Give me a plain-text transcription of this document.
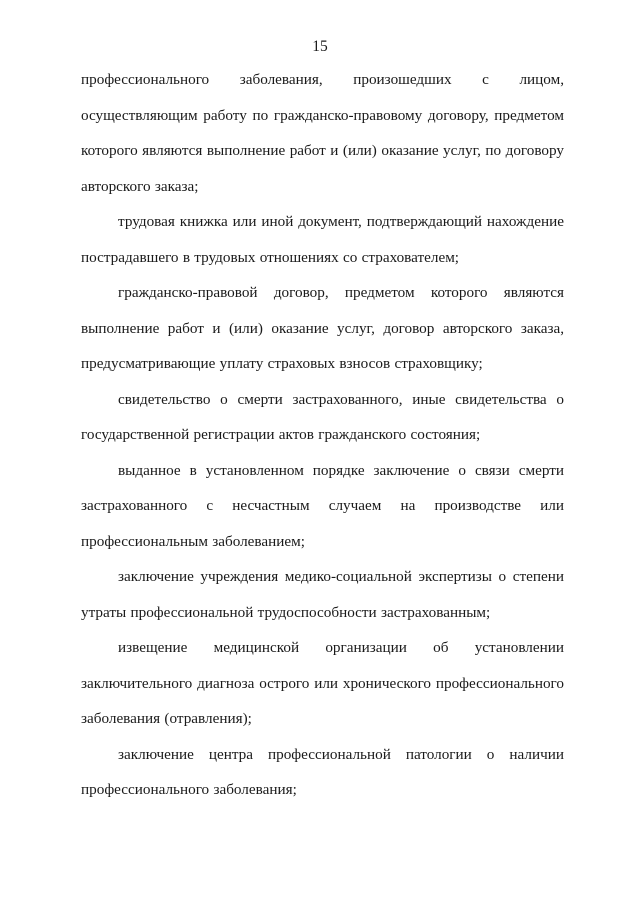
15

профессионального заболевания, произошедших с лицом, осуществляющим работу по гражданско-правовому договору, предметом которого являются выполнение работ и (или) оказание услуг, по договору авторского заказа;

трудовая книжка или иной документ, подтверждающий нахождение пострадавшего в трудовых отношениях со страхователем;

гражданско-правовой договор, предметом которого являются выполнение работ и (или) оказание услуг, договор авторского заказа, предусматривающие уплату страховых взносов страховщику;

свидетельство о смерти застрахованного, иные свидетельства о государственной регистрации актов гражданского состояния;

выданное в установленном порядке заключение о связи смерти застрахованного с несчастным случаем на производстве или профессиональным заболеванием;

заключение учреждения медико-социальной экспертизы о степени утраты профессиональной трудоспособности застрахованным;

извещение медицинской организации об установлении заключительного диагноза острого или хронического профессионального заболевания (отравления);

заключение центра профессиональной патологии о наличии профессионального заболевания;
